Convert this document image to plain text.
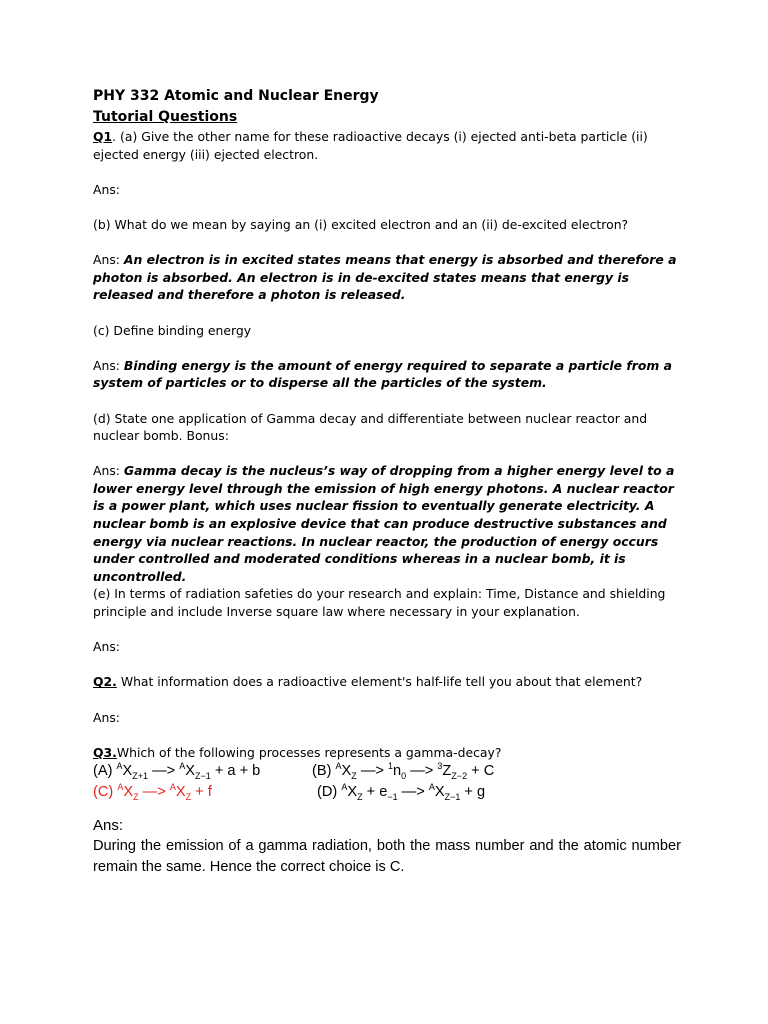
PHY 332 Atomic and Nuclear Energy
Tutorial Questions

Q1. (a) Give the other name for these radioactive decays (i) ejected anti-beta particle (ii) ejected energy (iii) ejected electron.

Ans:

(b) What do we mean by saying an (i) excited electron and an (ii) de-excited electron?

Ans: An electron is in excited states means that energy is absorbed and therefore a photon is absorbed. An electron is in de-excited states means that energy is released and therefore a photon is released.

(c) Define binding energy

Ans: Binding energy is the amount of energy required to separate a particle from a system of particles or to disperse all the particles of the system.

(d) State one application of Gamma decay and differentiate between nuclear reactor and nuclear bomb. Bonus:

Ans: Gamma decay is the nucleus’s way of dropping from a higher energy level to a lower energy level through the emission of high energy photons. A nuclear reactor is a power plant, which uses nuclear fission to eventually generate electricity. A nuclear bomb is an explosive device that can produce destructive substances and energy via nuclear reactions. In nuclear reactor, the production of energy occurs under controlled and moderated conditions whereas in a nuclear bomb, it is uncontrolled.

(e) In terms of radiation safeties do your research and explain: Time, Distance and shielding principle and include Inverse square law where necessary in your explanation.

Ans:

Q2. What information does a radioactive element's half-life tell you about that element?

Ans:

Q3.Which of the following processes represents a gamma-decay?

(A) $^AX_{Z+1}$ —> $^AX_{Z-1} + a + b$	(B) $^AX_Z$ —> $^1n_0$ —> $^3Z_{Z-2} + C$
(C) $^AX_Z$ —> $^AX_Z + f$	(D) $^AX_Z + e_{-1}$ —> $^AX_{Z-1} + g$
Ans:
During the emission of a gamma radiation, both the mass number and the atomic number remain the same. Hence the correct choice is C.
